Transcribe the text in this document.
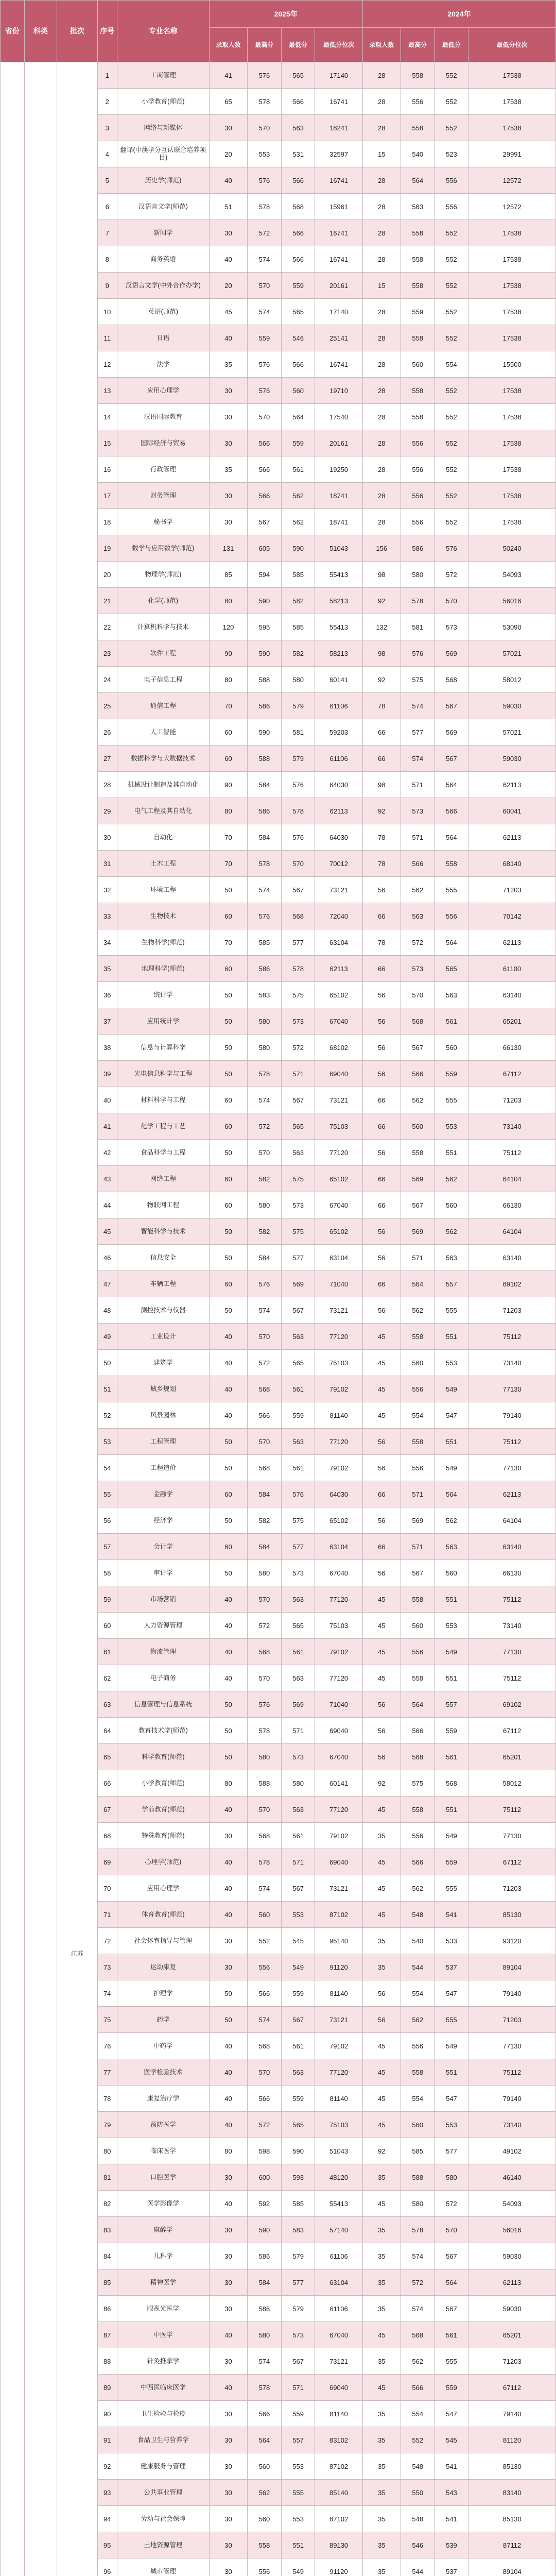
省份	科类	批次	序号	专业名称	2025年				2024年			
					录取人数	最高分	最低分	最低分位次	录取人数	最高分	最低分	最低分位次
		江苏	1	工商管理	41	576	565	17140	28	558	552	17538
			2	小学教育(师范)	65	578	566	16741	28	556	552	17538
			3	网络与新媒体	30	570	563	18241	28	558	552	17538
			4	翻译(中澳学分互认联合培养项目)	20	553	531	32597	15	540	523	29991
			5	历史学(师范)	40	576	566	16741	28	564	556	12572
			6	汉语言文学(师范)	51	578	568	15961	28	563	556	12572
			7	新闻学	30	572	566	16741	28	558	552	17538
			8	商务英语	40	574	566	16741	28	558	552	17538
			9	汉语言文学(中外合作办学)	20	570	559	20161	15	558	552	17538
			10	英语(师范)	45	574	565	17140	28	559	552	17538
			11	日语	40	559	546	25141	28	558	552	17538
			12	法学	35	576	566	16741	28	560	554	15500
			13	应用心理学	30	576	560	19710	28	558	552	17538
			14	汉语国际教育	30	570	564	17540	28	558	552	17538
			15	国际经济与贸易	30	566	559	20161	28	556	552	17538
			16	行政管理	35	566	561	19250	28	556	552	17538
			17	财务管理	30	566	562	18741	28	556	552	17538
			18	秘书学	30	567	562	18741	28	556	552	17538
			19	数学与应用数学(师范)	131	605	590	51043	156	586	576	50240
			20	物理学(师范)	85	594	585	55413	98	580	572	54093
			21	化学(师范)	80	590	582	58213	92	578	570	56016
			22	计算机科学与技术	120	595	585	55413	132	581	573	53090
			23	软件工程	90	590	582	58213	98	576	569	57021
			24	电子信息工程	80	588	580	60141	92	575	568	58012
			25	通信工程	70	586	579	61106	78	574	567	59030
			26	人工智能	60	590	581	59203	66	577	569	57021
			27	数据科学与大数据技术	60	588	579	61106	66	574	567	59030
			28	机械设计制造及其自动化	90	584	576	64030	98	571	564	62113
			29	电气工程及其自动化	80	586	578	62113	92	573	566	60041
			30	自动化	70	584	576	64030	78	571	564	62113
			31	土木工程	70	578	570	70012	78	566	558	68140
			32	环境工程	50	574	567	73121	56	562	555	71203
			33	生物技术	60	576	568	72040	66	563	556	70142
			34	生物科学(师范)	70	585	577	63104	78	572	564	62113
			35	地理科学(师范)	60	586	578	62113	66	573	565	61100
			36	统计学	50	583	575	65102	56	570	563	63140
			37	应用统计学	50	580	573	67040	56	568	561	65201
			38	信息与计算科学	50	580	572	68102	56	567	560	66130
			39	光电信息科学与工程	50	578	571	69040	56	566	559	67112
			40	材料科学与工程	60	574	567	73121	66	562	555	71203
			41	化学工程与工艺	60	572	565	75103	66	560	553	73140
			42	食品科学与工程	50	570	563	77120	56	558	551	75112
			43	网络工程	60	582	575	65102	66	569	562	64104
			44	物联网工程	60	580	573	67040	66	567	560	66130
			45	智能科学与技术	50	582	575	65102	56	569	562	64104
			46	信息安全	50	584	577	63104	56	571	563	63140
			47	车辆工程	60	576	569	71040	66	564	557	69102
			48	测控技术与仪器	50	574	567	73121	56	562	555	71203
			49	工业设计	40	570	563	77120	45	558	551	75112
			50	建筑学	40	572	565	75103	45	560	553	73140
			51	城乡规划	40	568	561	79102	45	556	549	77130
			52	风景园林	40	566	559	81140	45	554	547	79140
			53	工程管理	50	570	563	77120	56	558	551	75112
			54	工程造价	50	568	561	79102	56	556	549	77130
			55	金融学	60	584	576	64030	66	571	564	62113
			56	经济学	50	582	575	65102	56	569	562	64104
			57	会计学	60	584	577	63104	66	571	563	63140
			58	审计学	50	580	573	67040	56	567	560	66130
			59	市场营销	40	570	563	77120	45	558	551	75112
			60	人力资源管理	40	572	565	75103	45	560	553	73140
			61	物流管理	40	568	561	79102	45	556	549	77130
			62	电子商务	40	570	563	77120	45	558	551	75112
			63	信息管理与信息系统	50	576	569	71040	56	564	557	69102
			64	教育技术学(师范)	50	578	571	69040	56	566	559	67112
			65	科学教育(师范)	50	580	573	67040	56	568	561	65201
			66	小学教育(师范)	80	588	580	60141	92	575	568	58012
			67	学前教育(师范)	40	570	563	77120	45	558	551	75112
			68	特殊教育(师范)	30	568	561	79102	35	556	549	77130
			69	心理学(师范)	40	578	571	69040	45	566	559	67112
			70	应用心理学	40	574	567	73121	45	562	555	71203
			71	体育教育(师范)	40	560	553	87102	45	548	541	85130
			72	社会体育指导与管理	30	552	545	95140	35	540	533	93120
			73	运动康复	30	556	549	91120	35	544	537	89104
			74	护理学	50	566	559	81140	56	554	547	79140
			75	药学	50	574	567	73121	56	562	555	71203
			76	中药学	40	568	561	79102	45	556	549	77130
			77	医学检验技术	40	570	563	77120	45	558	551	75112
			78	康复治疗学	40	566	559	81140	45	554	547	79140
			79	预防医学	40	572	565	75103	45	560	553	73140
			80	临床医学	80	598	590	51043	92	585	577	49102
			81	口腔医学	30	600	593	48120	35	588	580	46140
			82	医学影像学	40	592	585	55413	45	580	572	54093
			83	麻醉学	30	590	583	57140	35	578	570	56016
			84	儿科学	30	586	579	61106	35	574	567	59030
			85	精神医学	30	584	577	63104	35	572	564	62113
			86	眼视光医学	30	586	579	61106	35	574	567	59030
			87	中医学	40	580	573	67040	45	568	561	65201
			88	针灸推拿学	30	574	567	73121	35	562	555	71203
			89	中西医临床医学	40	578	571	69040	45	566	559	67112
			90	卫生检验与检疫	30	566	559	81140	35	554	547	79140
			91	食品卫生与营养学	30	564	557	83102	35	552	545	81120
			92	健康服务与管理	30	560	553	87102	35	548	541	85130
			93	公共事业管理	30	562	555	85140	35	550	543	83140
			94	劳动与社会保障	30	560	553	87102	35	548	541	85130
			95	土地资源管理	30	558	551	89130	35	546	539	87112
			96	城市管理	30	556	549	91120	35	544	537	89104
